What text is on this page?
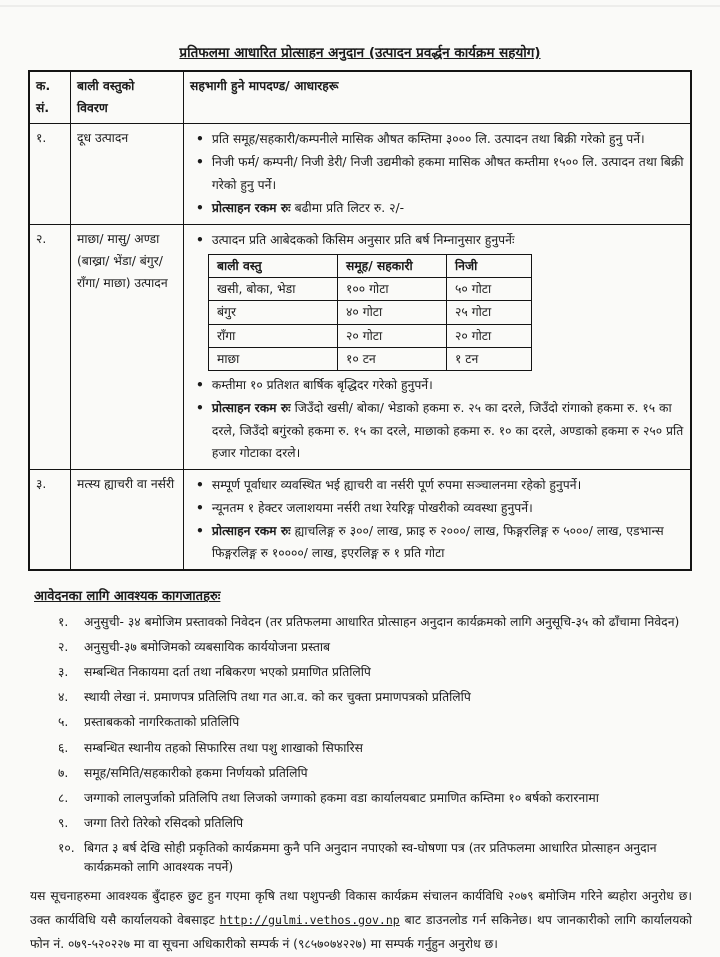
प्रतिफलमा आधारित प्रोत्साहन अनुदान (उत्पादन प्रवर्द्धन कार्यक्रम सहयोग)
क.
सं.

बाली वस्तुको
विवरण
	सहभागी हुने मापदण्ड/ आधारहरू
१.	दूध उत्पादन	
•प्रति समूह/सहकारी/कम्पनीले मासिक औषत कम्तिमा ३००० लि. उत्पादन तथा बिक्री गरेको हुनु पर्ने।
• निजी फर्म/ कम्पनी/ निजी डेरी/ निजी उद्यमीको हकमा मासिक औषत कम्तीमा १५०० लि. उत्पादन तथा बिक्री गरेको हुनु पर्ने।
• प्रोत्साहन रकम रुः बढीमा प्रति लिटर रु. २/-

२.	माछा/ मासु/ अण्डा (बाख्रा/ भेंडा/ बंगुर/ राँगा/ माछा) उत्पादन	
• उत्पादन प्रति आबेदकको किसिम अनुसार प्रति बर्ष निम्नानुसार हुनुपर्नेः
बाली वस्तु	समूह/ सहकारी	निजी
खसी, बोका, भेडा	१०० गोटा	५० गोटा
बंगुर	४० गोटा	२५ गोटा
राँगा	२० गोटा	२० गोटा
माछा	१० टन	१ टन
• कम्तीमा १० प्रतिशत बार्षिक बृद्धिदर गरेको हुनुपर्ने।
• प्रोत्साहन रकम रुः जिउँदो खसी/ बोका/ भेडाको हकमा रु. २५ का दरले, जिउँदो रांगाको हकमा रु. १५ का दरले, जिउँदो बगुंरको हकमा रु. १५ का दरले, माछाको हकमा रु. १० का दरले, अण्डाको हकमा रु २५० प्रति हजार गोटाका दरले।

३.	मत्स्य ह्याचरी वा नर्सरी	
•सम्पूर्ण पूर्वाधार व्यवस्थित भई ह्याचरी वा नर्सरी पूर्ण रुपमा सञ्चालनमा रहेको हुनुपर्ने।
• न्यूनतम १ हेक्टर जलाशयमा नर्सरी तथा रेयरिङ्ग पोखरीको व्यवस्था हुनुपर्ने।
• प्रोत्साहन रकम रुः ह्याचलिङ्ग रु ३००/ लाख, फ्राइ रु २०००/ लाख, फिङ्गरलिङ्ग रु ५०००/ लाख, एडभान्स फिङ्गरलिङ्ग रु १००००/ लाख, इएरलिङ्ग रु १ प्रति गोटा
आवेदनका लागि आवश्यक कागजातहरुः
१.	अनुसुची- ३४ बमोजिम प्रस्तावको निवेदन (तर प्रतिफलमा आधारित प्रोत्साहन अनुदान कार्यक्रमको लागि अनुसूचि-३५ को ढाँचामा निवेदन)
२.	अनुसुची-३७ बमोजिमको व्यबसायिक कार्ययोजना प्रस्ताब
३.	सम्बन्धित निकायमा दर्ता तथा नबिकरण भएको प्रमाणित प्रतिलिपि
४.	स्थायी लेखा नं. प्रमाणपत्र प्रतिलिपि तथा गत आ.व. को कर चुक्ता प्रमाणपत्रको प्रतिलिपि
५.	प्रस्ताबकको नागरिकताको प्रतिलिपि
६.	सम्बन्धित स्थानीय तहको सिफारिस तथा पशु शाखाको सिफारिस
७.	समूह/समिति/सहकारीको हकमा निर्णयको प्रतिलिपि
८.	जग्गाको लालपुर्जाको प्रतिलिपि तथा लिजको जग्गाको हकमा वडा कार्यालयबाट प्रमाणित कम्तिमा १० बर्षको करारनामा
९.	जग्गा तिरो तिरेको रसिदको प्रतिलिपि
१०. बिगत ३ बर्ष देखि सोही प्रकृतिको कार्यक्रममा कुनै पनि अनुदान नपाएको स्व-घोषणा पत्र (तर प्रतिफलमा आधारित प्रोत्साहन अनुदान कार्यक्रमको लागि आवश्यक नपर्ने)

यस सूचनाहरुमा आवश्यक बुँदाहरु छुट हुन गएमा कृषि तथा पशुपन्छी विकास कार्यक्रम संचालन कार्यविधि २०७९ बमोजिम गरिने ब्यहोरा अनुरोध छ। उक्त कार्यविधि यसै कार्यालयको वेबसाइट http://gulmi.vethos.gov.np बाट डाउनलोड गर्न सकिनेछ। थप जानकारीको लागि कार्यालयको फोन नं. ०७९-५२०२२७ मा वा सूचना अधिकारीको सम्पर्क नं (९८५७०७४२२७) मा सम्पर्क गर्नुहुन अनुरोध छ।
